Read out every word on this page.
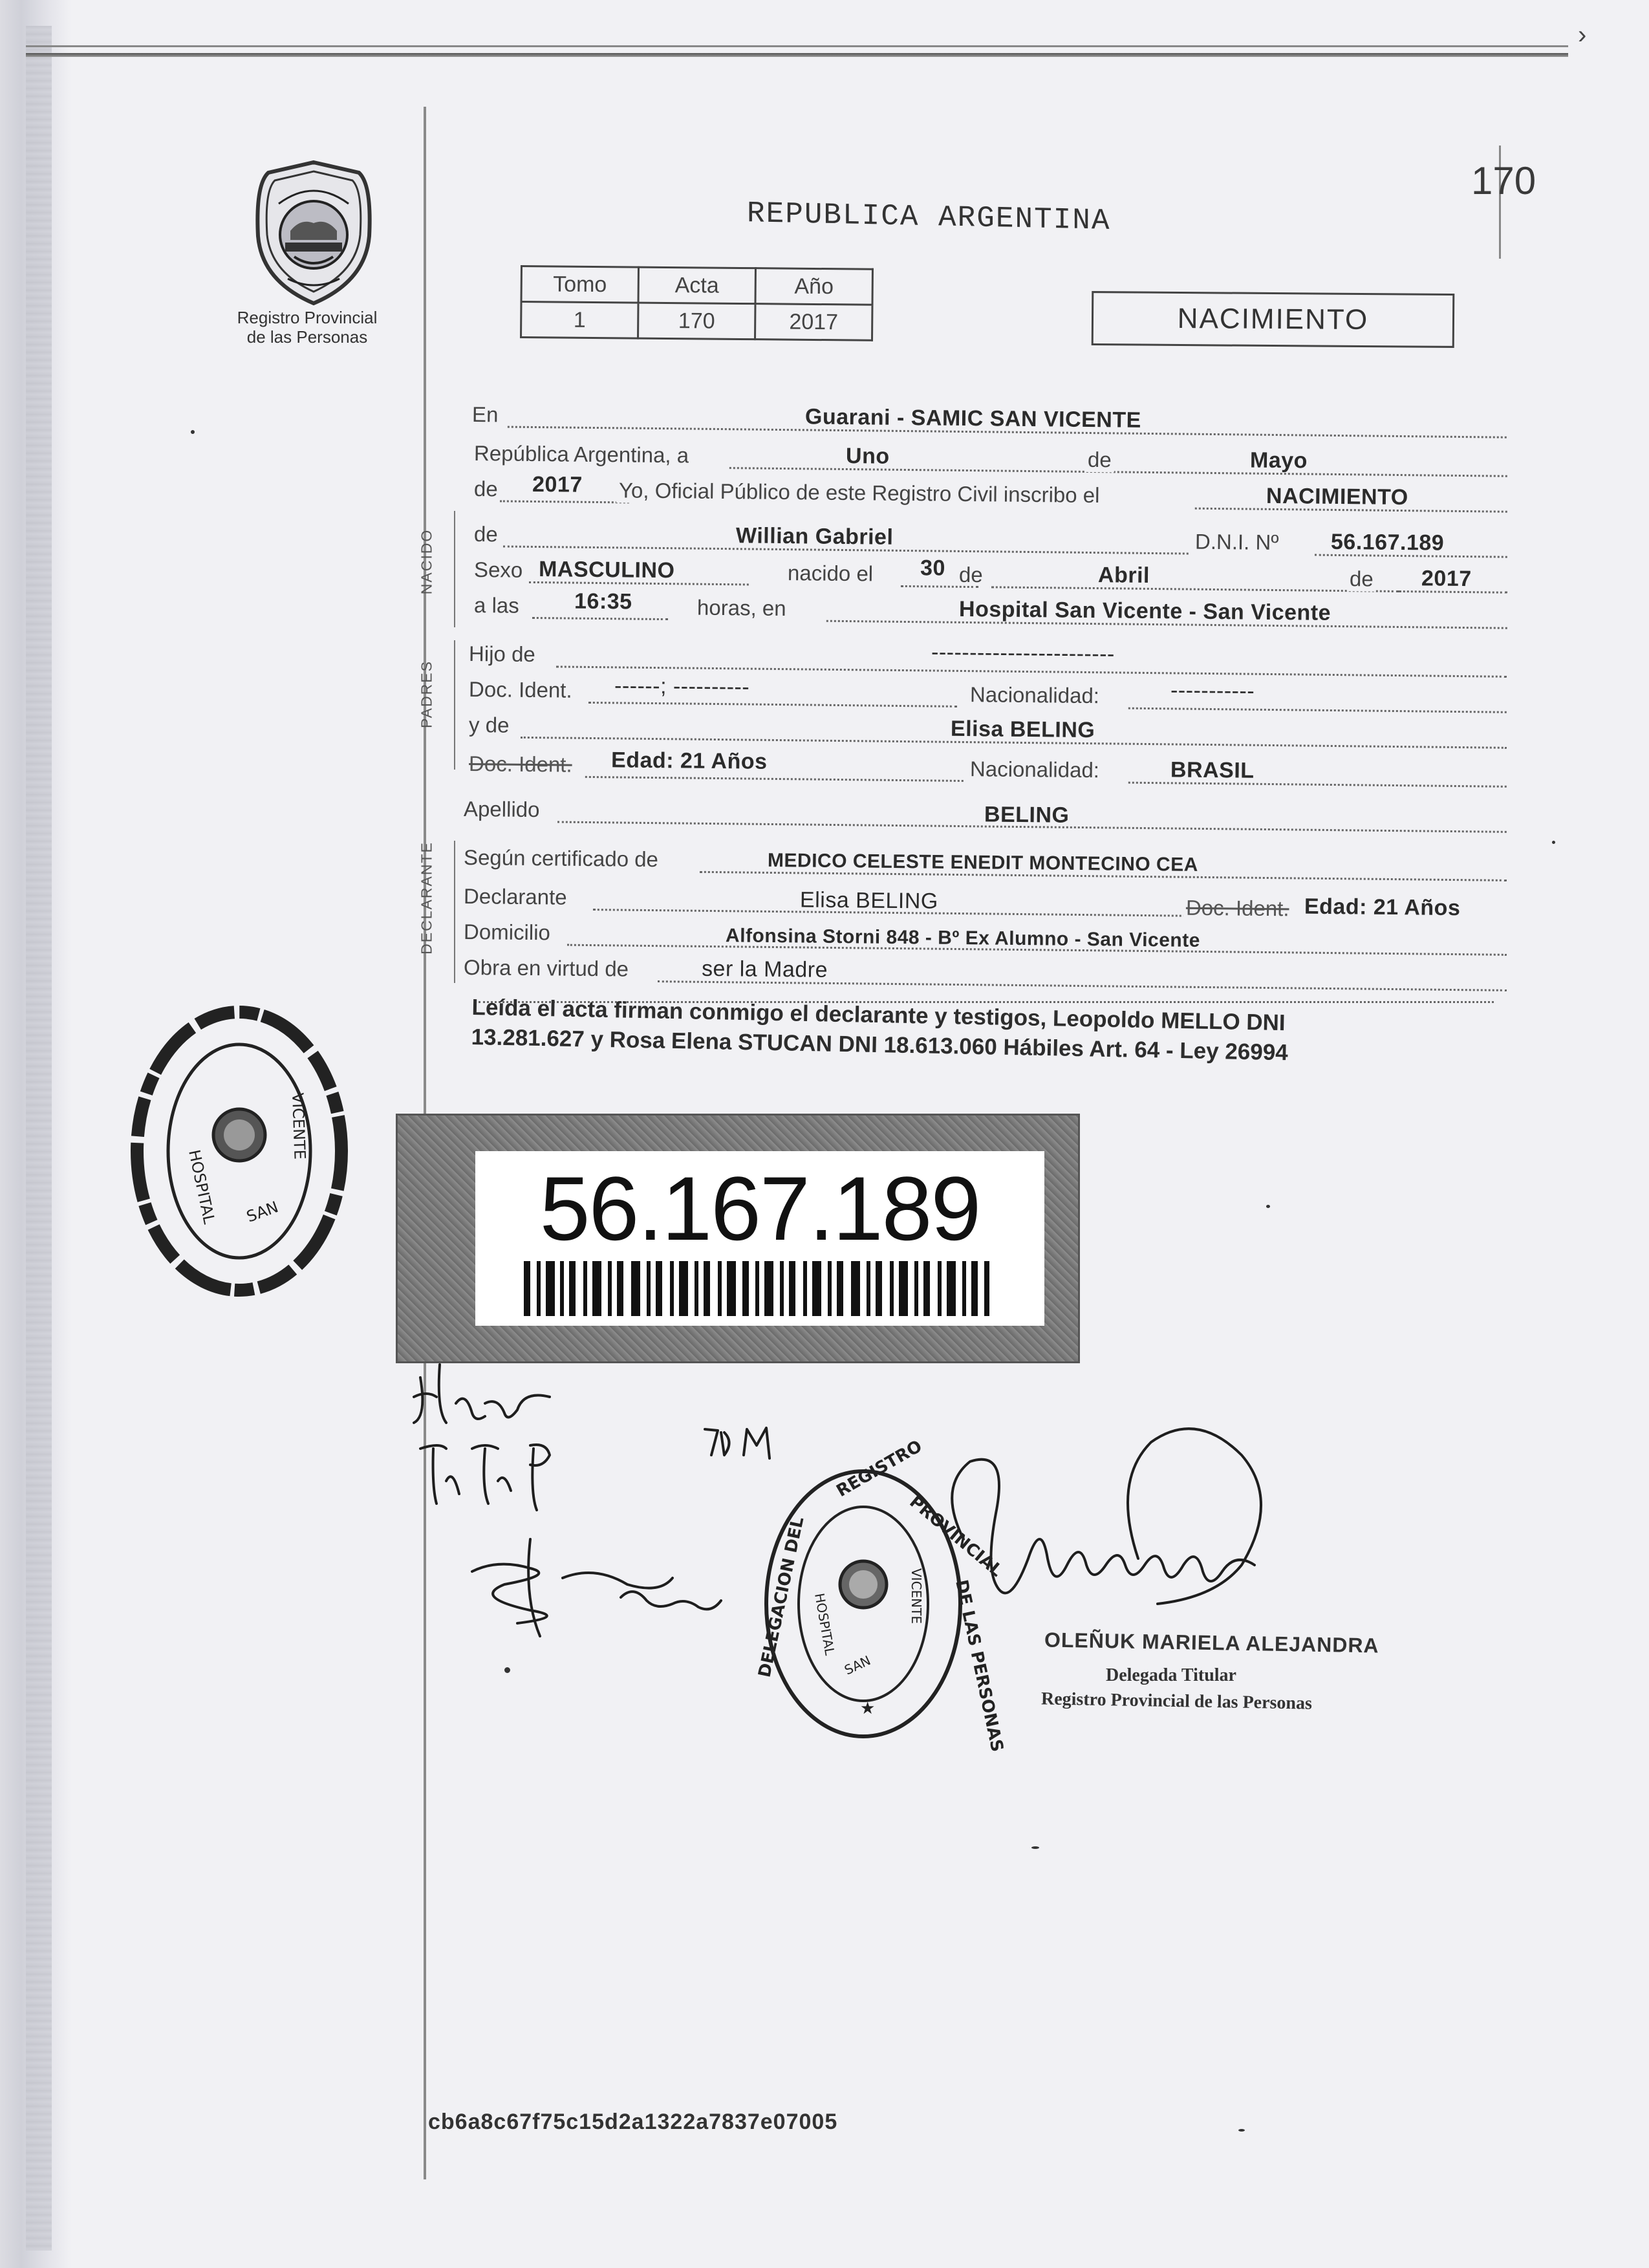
›
170
Registro Provincial
de las Personas
REPUBLICA ARGENTINA
Tomo	Acta	Año
1	170	2017	NACIMIENTO
En	Guarani - SAMIC SAN VICENTE
República Argentina, a	Uno	de	Mayo
de 2017 Yo, Oficial Público de este Registro Civil inscribo el	NACIMIENTO
NACIDO de	Willian Gabriel	D.N.I. Nº 56.167.189
Sexo MASCULINO	nacido el 30 de	Abril	de 2017
a las 16:35	horas, en	Hospital San Vicente - San Vicente
PADRES
Hijo de	------------------------
Doc. Ident. ------; ----------	Nacionalidad:	-----------
y de	Elisa BELING
Doc. Ident. Edad: 21 Años	Nacionalidad:	BRASIL
Apellido	BELING
DECLARANTE Según certificado de	MEDICO CELESTE ENEDIT MONTECINO CEA
Declarante	Elisa BELING	Doc. Ident. Edad: 21 Años
Domicilio	Alfonsina Storni 848 - Bº Ex Alumno - San Vicente
Obra en virtud de	ser la Madre
Leída el acta firman conmigo el declarante y testigos, Leopoldo MELLO DNI
13.281.627 y Rosa Elena STUCAN DNI 18.613.060 Hábiles Art. 64 - Ley 26994
HOSPITAL
VICENTE
SAN	56.167.189
REGISTRO
PROVINCIAL
DELEGACION DEL	DE LAS PERSONAS
HOSPITAL	VICENTE
SAN
★
OLEÑUK MARIELA ALEJANDRA
Delegada Titular
Registro Provincial de las Personas
cb6a8c67f75c15d2a1322a7837e07005
